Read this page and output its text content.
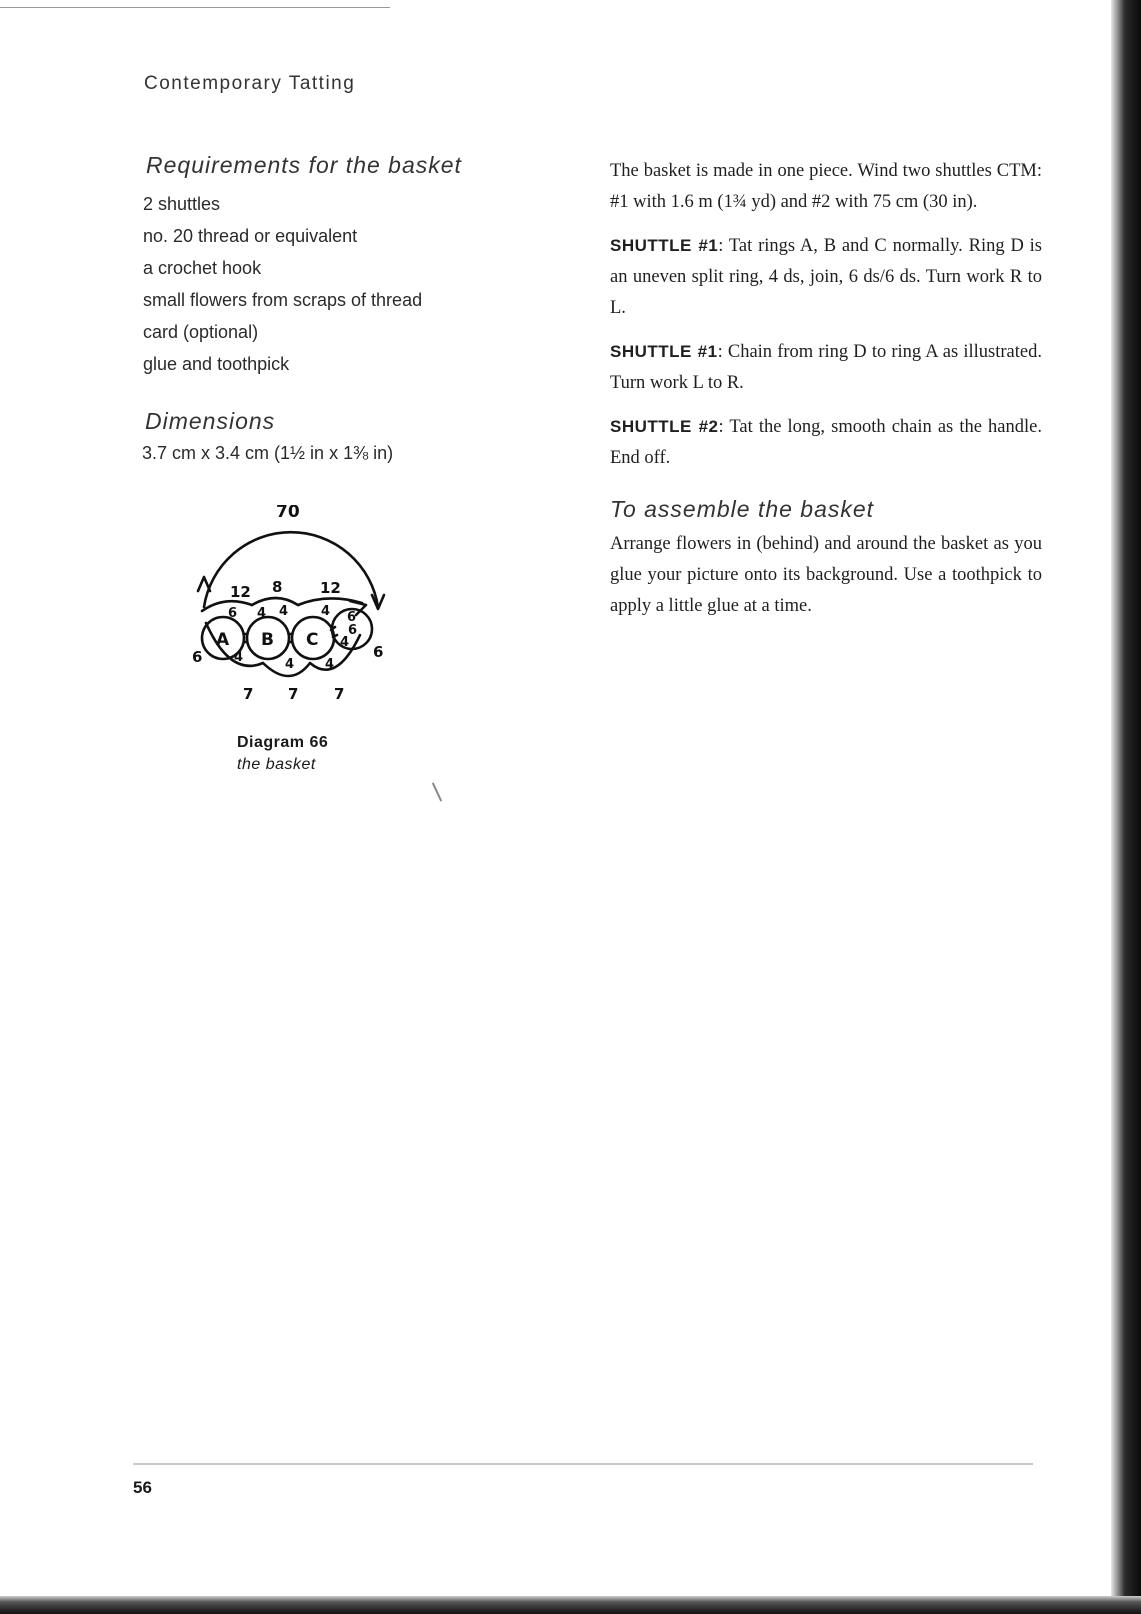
Contemporary Tatting
Requirements for the basket
2 shuttles
no. 20 thread or equivalent
a crochet hook
small flowers from scraps of thread
card (optional)
glue and toothpick
Dimensions
3.7 cm x 3.4 cm (1½ in x 1⅜ in)
70
12 8	12
A B C
6 4 4	4 6
6
4
6	6
4	4 4
7 7 7
Diagram 66
the basket

The basket is made in one piece. Wind two shuttles CTM: #1 with 1.6 m (1¾ yd) and #2 with 75 cm (30 in).

SHUTTLE #1: Tat rings A, B and C normally. Ring D is an uneven split ring, 4 ds, join, 6 ds/6 ds. Turn work R to L.

SHUTTLE #1: Chain from ring D to ring A as illustrated. Turn work L to R.

SHUTTLE #2: Tat the long, smooth chain as the handle. End off.

To assemble the basket

Arrange flowers in (behind) and around the basket as you glue your picture onto its background. Use a toothpick to apply a little glue at a time.

56
